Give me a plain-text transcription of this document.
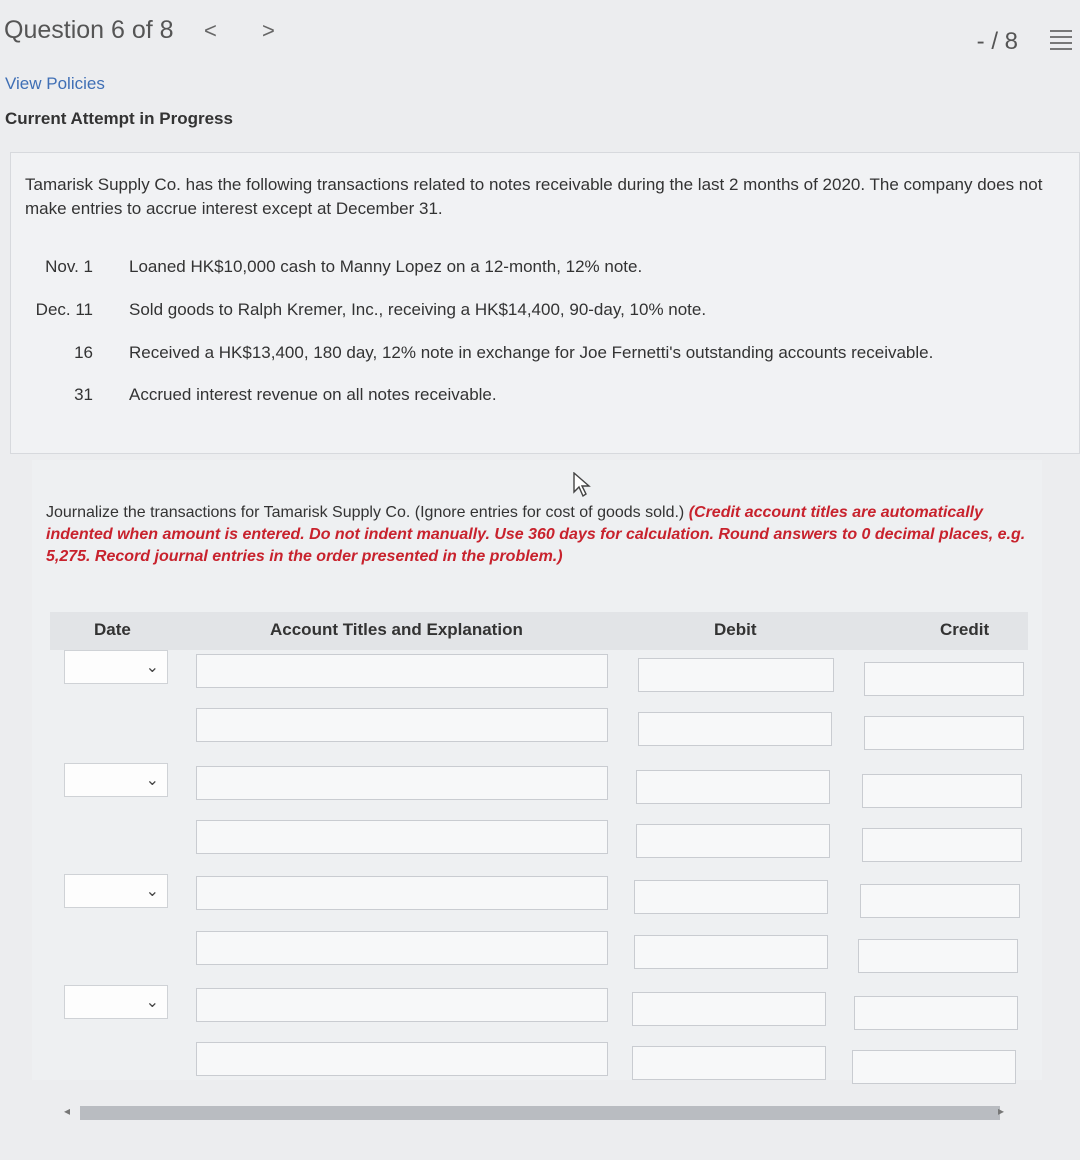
Question 6 of 8 < >	- / 8
View Policies
Current Attempt in Progress
Tamarisk Supply Co. has the following transactions related to notes receivable during the last 2 months of 2020. The company does not make entries to accrue interest except at December 31.
Nov. 1 Loaned HK$10,000 cash to Manny Lopez on a 12-month, 12% note.
Dec. 11 Sold goods to Ralph Kremer, Inc., receiving a HK$14,400, 90-day, 10% note.
16 Received a HK$13,400, 180 day, 12% note in exchange for Joe Fernetti's outstanding accounts receivable.
31 Accrued interest revenue on all notes receivable.
Journalize the transactions for Tamarisk Supply Co. (Ignore entries for cost of goods sold.) (Credit account titles are automatically indented when amount is entered. Do not indent manually. Use 360 days for calculation. Round answers to 0 decimal places, e.g. 5,275. Record journal entries in the order presented in the problem.)
Date	Account Titles and Explanation	Debit	Credit
⌄
⌄
⌄
⌄
◂	▸
